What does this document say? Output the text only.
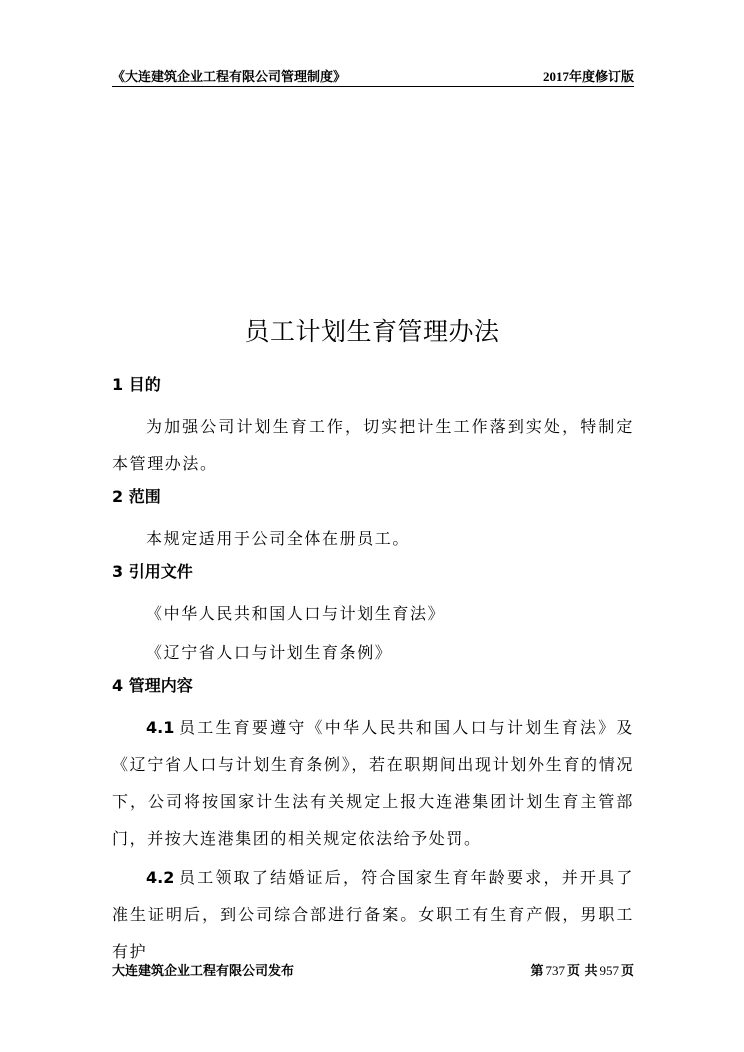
《大连建筑企业工程有限公司管理制度》	2017年度修订版
员工计划生育管理办法
1 目的

为加强公司计划生育工作，切实把计生工作落到实处，特制定本管理办法。

2 范围

本规定适用于公司全体在册员工。

3 引用文件

《中华人民共和国人口与计划生育法》

《辽宁省人口与计划生育条例》

4 管理内容

4.1 员工生育要遵守《中华人民共和国人口与计划生育法》及《辽宁省人口与计划生育条例》，若在职期间出现计划外生育的情况下，公司将按国家计生法有关规定上报大连港集团计划生育主管部门，并按大连港集团的相关规定依法给予处罚。

4.2 员工领取了结婚证后，符合国家生育年龄要求，并开具了准生证明后，到公司综合部进行备案。女职工有生育产假，男职工有护

大连建筑企业工程有限公司发布	第 737 页 共 957 页
